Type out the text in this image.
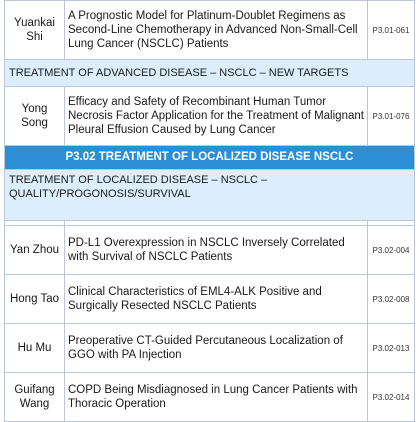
Yuankai Shi	A Prognostic Model for Platinum-Doublet Regimens as Second-Line Chemotherapy in Advanced Non-Small-Cell Lung Cancer (NSCLC) Patients	P3.01-061
TREATMENT OF ADVANCED DISEASE – NSCLC – NEW TARGETS		
Yong Song	Efficacy and Safety of Recombinant Human Tumor Necrosis Factor Application for the Treatment of Malignant Pleural Effusion Caused by Lung Cancer	P3.01-076
P3.02 TREATMENT OF LOCALIZED DISEASE NSCLC		
TREATMENT OF LOCALIZED DISEASE – NSCLC – QUALITY/PROGONOSIS/SURVIVAL		

Yan Zhou	PD-L1 Overexpression in NSCLC Inversely Correlated with Survival of NSCLC Patients	P3.02-004
Hong Tao	Clinical Characteristics of EML4-ALK Positive and Surgically Resected NSCLC Patients	P3.02-008
Hu Mu	Preoperative CT-Guided Percutaneous Localization of GGO with PA Injection	P3.02-013
Guifang Wang	COPD Being Misdiagnosed in Lung Cancer Patients with Thoracic Operation	P3.02-014
